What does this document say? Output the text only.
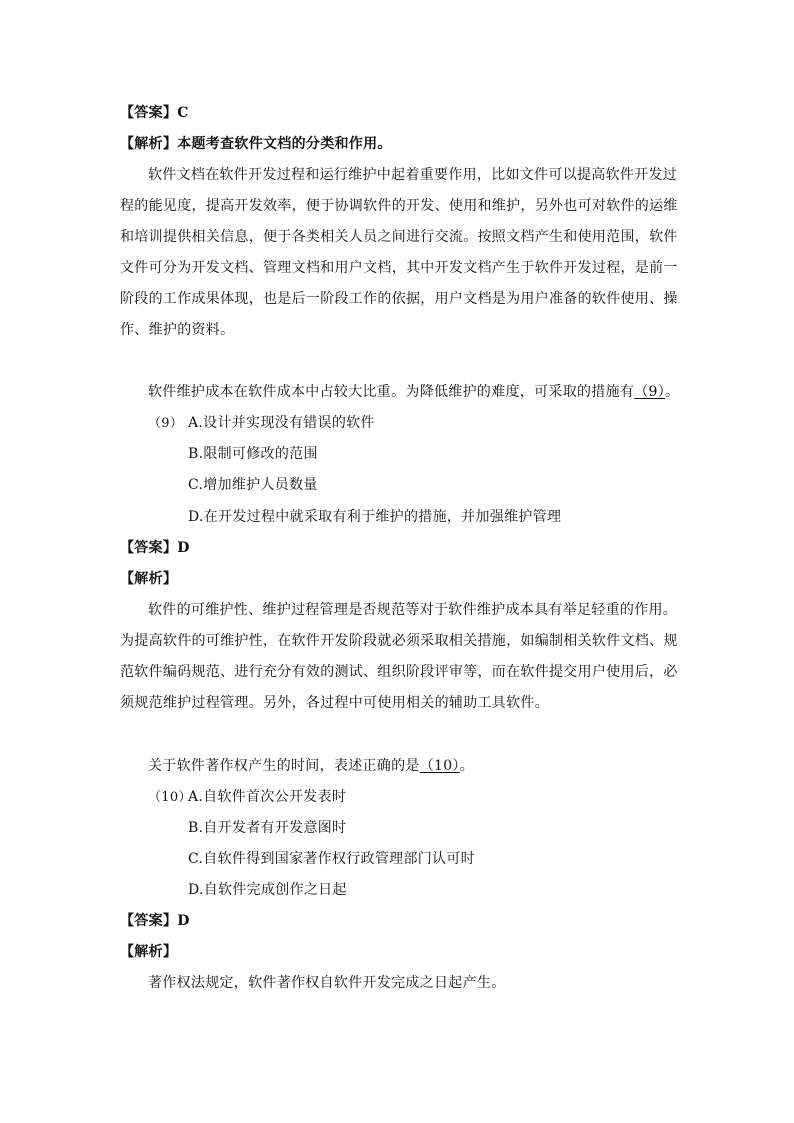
【答案】C
【解析】本题考查软件文档的分类和作用。
软件文档在软件开发过程和运行维护中起着重要作用，比如文件可以提高软件开发过
程的能见度，提高开发效率，便于协调软件的开发、使用和维护，另外也可对软件的运维
和培训提供相关信息，便于各类相关人员之间进行交流。按照文档产生和使用范围，软件
文件可分为开发文档、管理文档和用户文档，其中开发文档产生于软件开发过程，是前一
阶段的工作成果体现，也是后一阶段工作的依据，用户文档是为用户准备的软件使用、操
作、维护的资料。
软件维护成本在软件成本中占较大比重。为降低维护的难度，可采取的措施有（9）。
（9） A.设计并实现没有错误的软件
B.限制可修改的范围
C.增加维护人员数量
D.在开发过程中就采取有利于维护的措施，并加强维护管理
【答案】D
【解析】
软件的可维护性、维护过程管理是否规范等对于软件维护成本具有举足轻重的作用。
为提高软件的可维护性，在软件开发阶段就必须采取相关措施，如编制相关软件文档、规
范软件编码规范、进行充分有效的测试、组织阶段评审等，而在软件提交用户使用后，必
须规范维护过程管理。另外，各过程中可使用相关的辅助工具软件。
关于软件著作权产生的时间，表述正确的是（10）。
（10）
A.自软件首次公开发表时
B.自开发者有开发意图时
C.自软件得到国家著作权行政管理部门认可时
D.自软件完成创作之日起
【答案】D
【解析】
著作权法规定，软件著作权自软件开发完成之日起产生。
